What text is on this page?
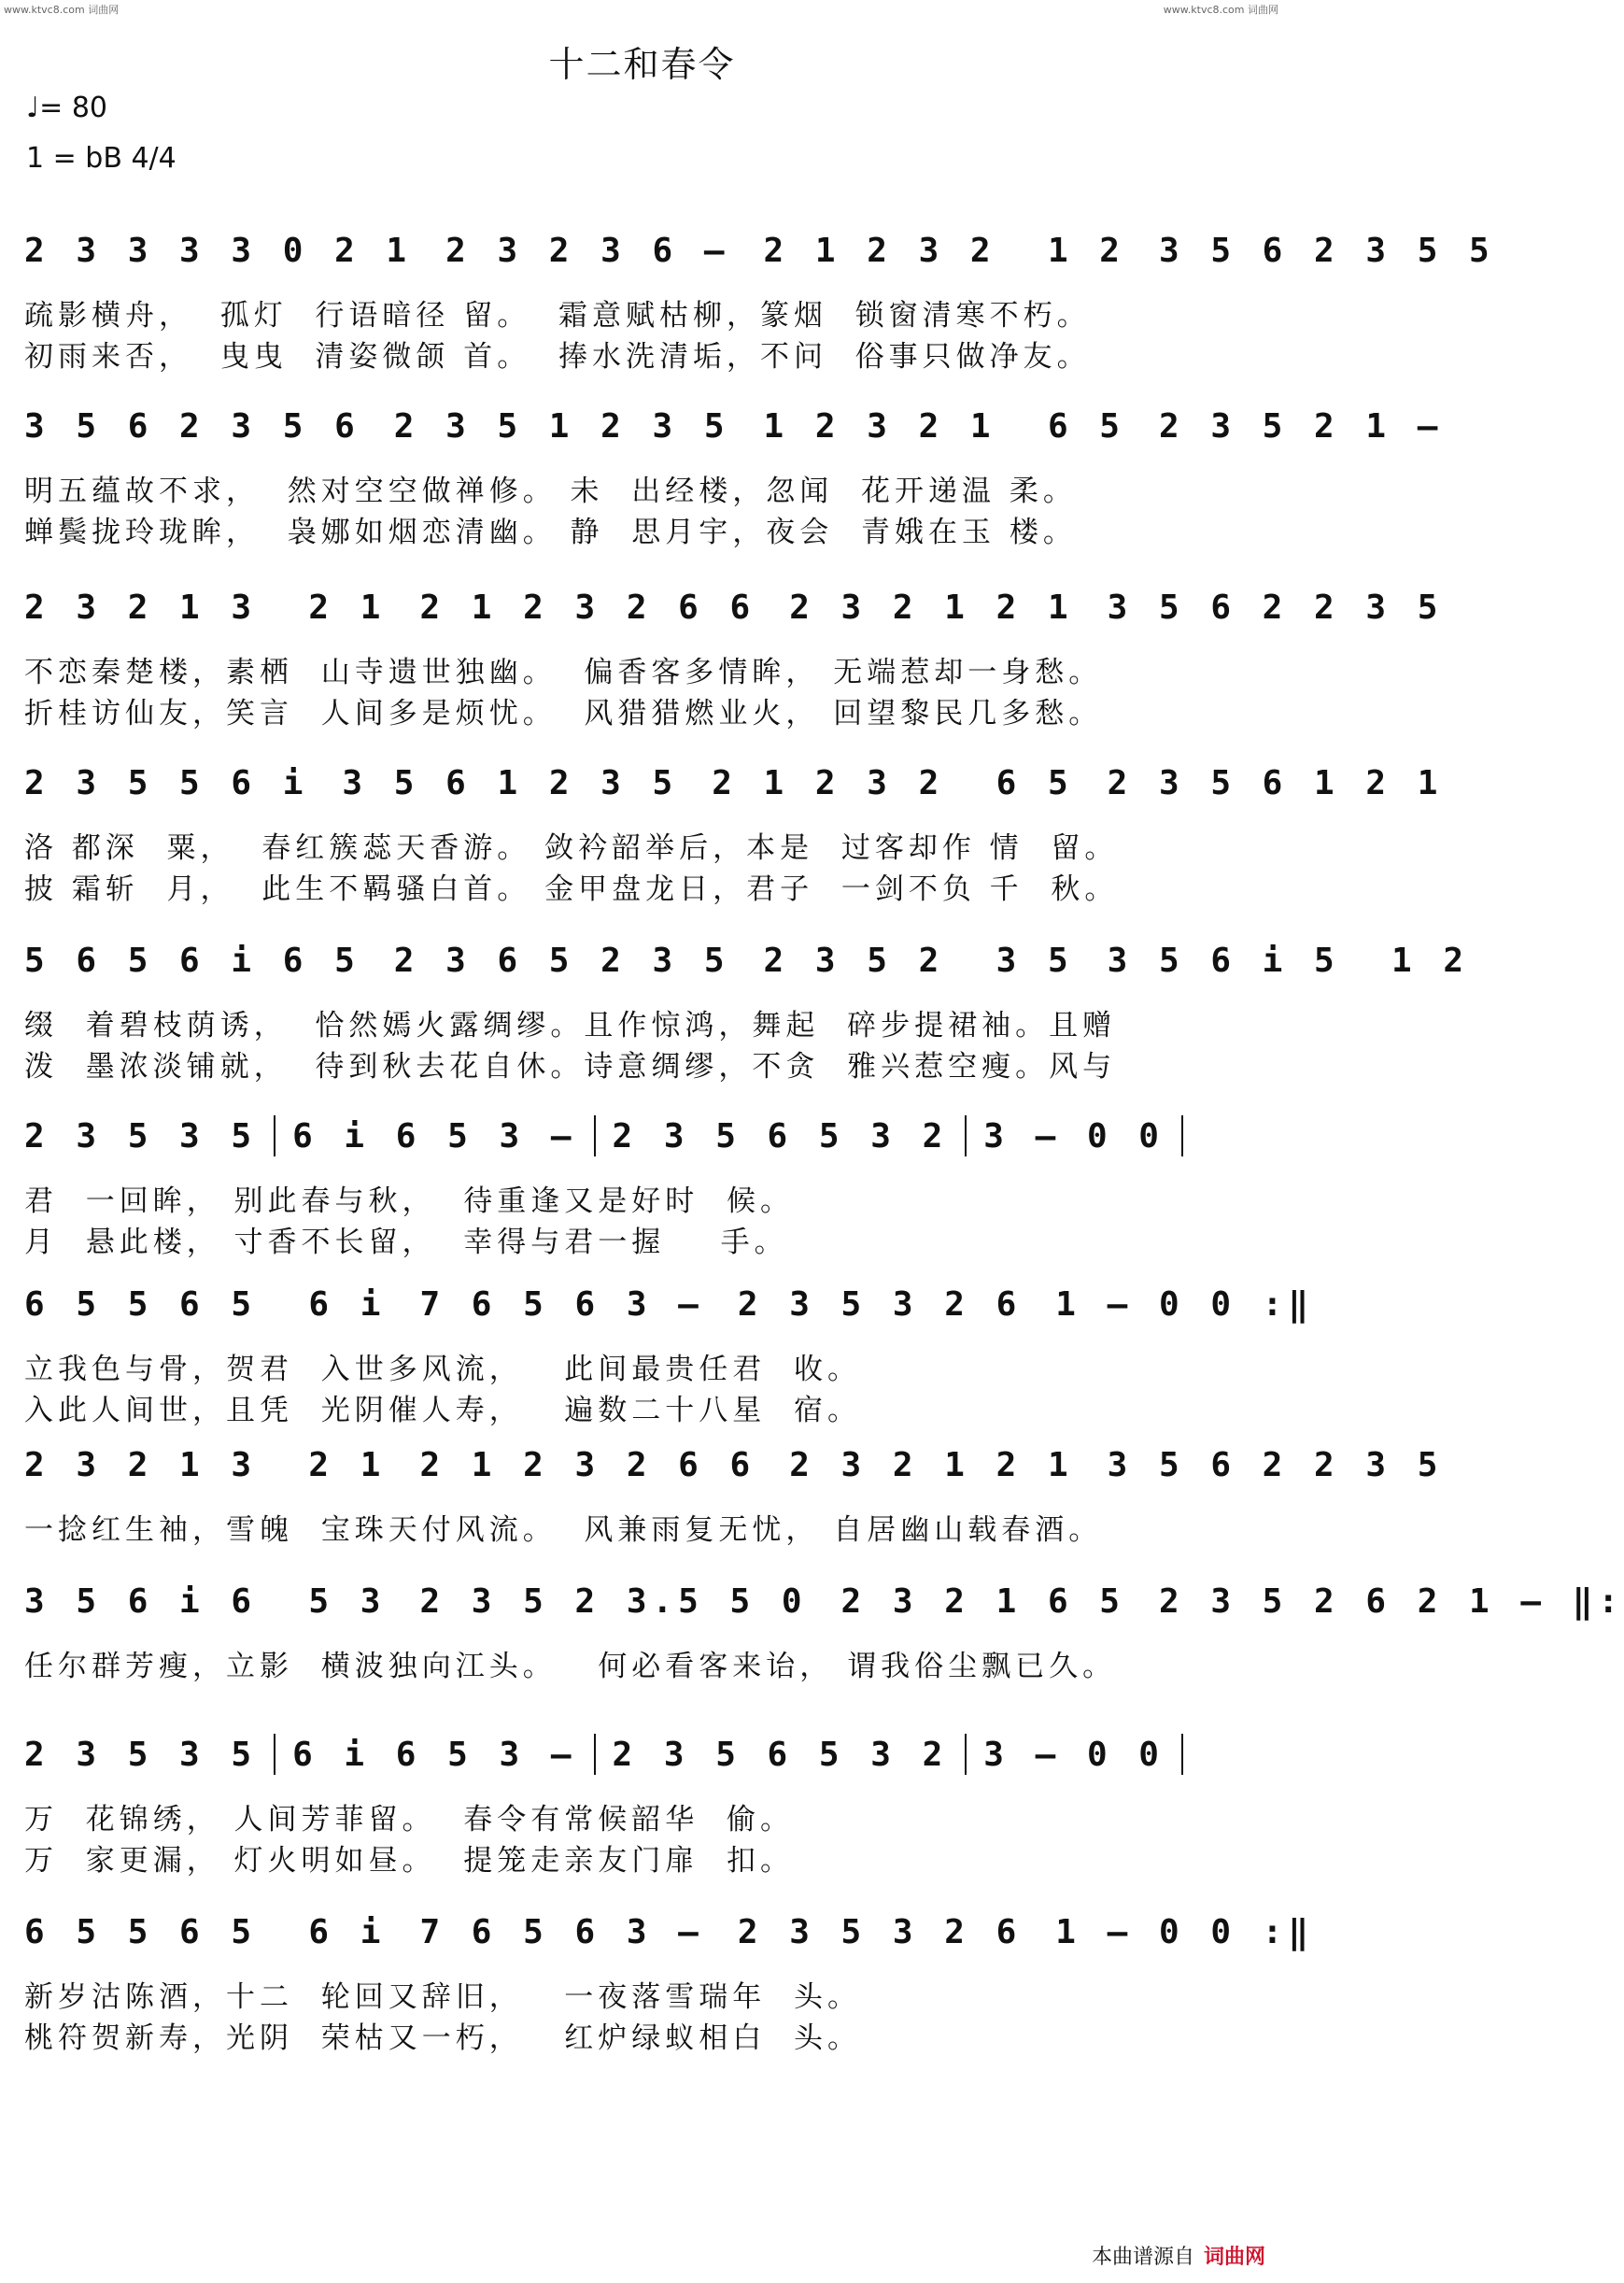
www.ktvc8.com 词曲网	www.ktvc8.com 词曲网
十二和春令
♩= 80
1 = bB 4/4
2 3 3 3 3 0 2 1 2 3 2 3 6 – 2 1 2 3 2  1 2 3 5 6 2 3 5 5
疏影横舟，  孤灯  行语暗径 留。  霜意赋枯柳，篆烟  锁窗清寒不朽。
初雨来否，  曳曳  清姿微颌 首。  捧水洗清垢，不问  俗事只做净友。
3 5 6 2 3 5 6 2 3 5 1 2 3 5 1 2 3 2 1  6 5 2 3 5 2 1 –
明五蕴故不求，  然对空空做禅修。 未  出经楼，忽闻  花开递温 柔。
蝉鬓拢玲珑眸，  袅娜如烟恋清幽。 静  思月宇，夜会  青娥在玉 楼。
2 3 2 1 3  2 1 2 1 2 3 2 6 6 2 3 2 1 2 1 3 5 6 2 2 3 5
不恋秦楚楼，素栖  山寺遗世独幽。  偏香客多情眸， 无端惹却一身愁。
折桂访仙友，笑言  人间多是烦忧。  风猎猎燃业火， 回望黎民几多愁。
2 3 5 5 6 i 3 5 6 1 2 3 5 2 1 2 3 2  6 5 2 3 5 6 1 2 1
洛 都深  粟，  春红簇蕊天香游。 敛衿韶举后，本是  过客却作 情  留。
披 霜斩  月，  此生不羁骚白首。 金甲盘龙日，君子  一剑不负 千  秋。
5 6 5 6 i 6 5 2 3 6 5 2 3 5 2 3 5 2  3 5 3 5 6 i 5  1 2
缀  着碧枝荫诱，  恰然嫣火露绸缪。且作惊鸿，舞起  碎步提裙袖。且赠
泼  墨浓淡铺就，  待到秋去花自休。诗意绸缪，不贪  雅兴惹空瘦。风与
2 3 5 3 5 6 i 6 5 3 – 2 3 5 6 5 3 2 3 – 0 0
君  一回眸， 别此春与秋，  待重逢又是好时  候。
月  悬此楼， 寸香不长留，  幸得与君一握    手。
6 5 5 6 5  6 i 7 6 5 6 3 – 2 3 5 3 2 6 1 – 0 0 :‖
立我色与骨，贺君  入世多风流，   此间最贵任君  收。
入此人间世，且凭  光阴催人寿，   遍数二十八星  宿。
2 3 2 1 3  2 1 2 1 2 3 2 6 6 2 3 2 1 2 1 3 5 6 2 2 3 5
一捻红生袖，雪魄  宝珠天付风流。  风兼雨复无忧， 自居幽山载春酒。
3 5 6 i 6  5 3 2 3 5 2 3.5 5 0 2 3 2 1 6 5 2 3 5 2 6 2 1 – ‖:
任尔群芳瘦，立影  横波独向江头。   何必看客来诒， 谓我俗尘飘已久。
2 3 5 3 5 6 i 6 5 3 – 2 3 5 6 5 3 2 3 – 0 0
万  花锦绣， 人间芳菲留。  春令有常候韶华  偷。
万  家更漏， 灯火明如昼。  提笼走亲友门扉  扣。
6 5 5 6 5  6 i 7 6 5 6 3 – 2 3 5 3 2 6 1 – 0 0 :‖
新岁沽陈酒，十二  轮回又辞旧，   一夜落雪瑞年  头。
桃符贺新寿，光阴  荣枯又一朽，   红炉绿蚁相白  头。
本曲谱源自 词曲网
